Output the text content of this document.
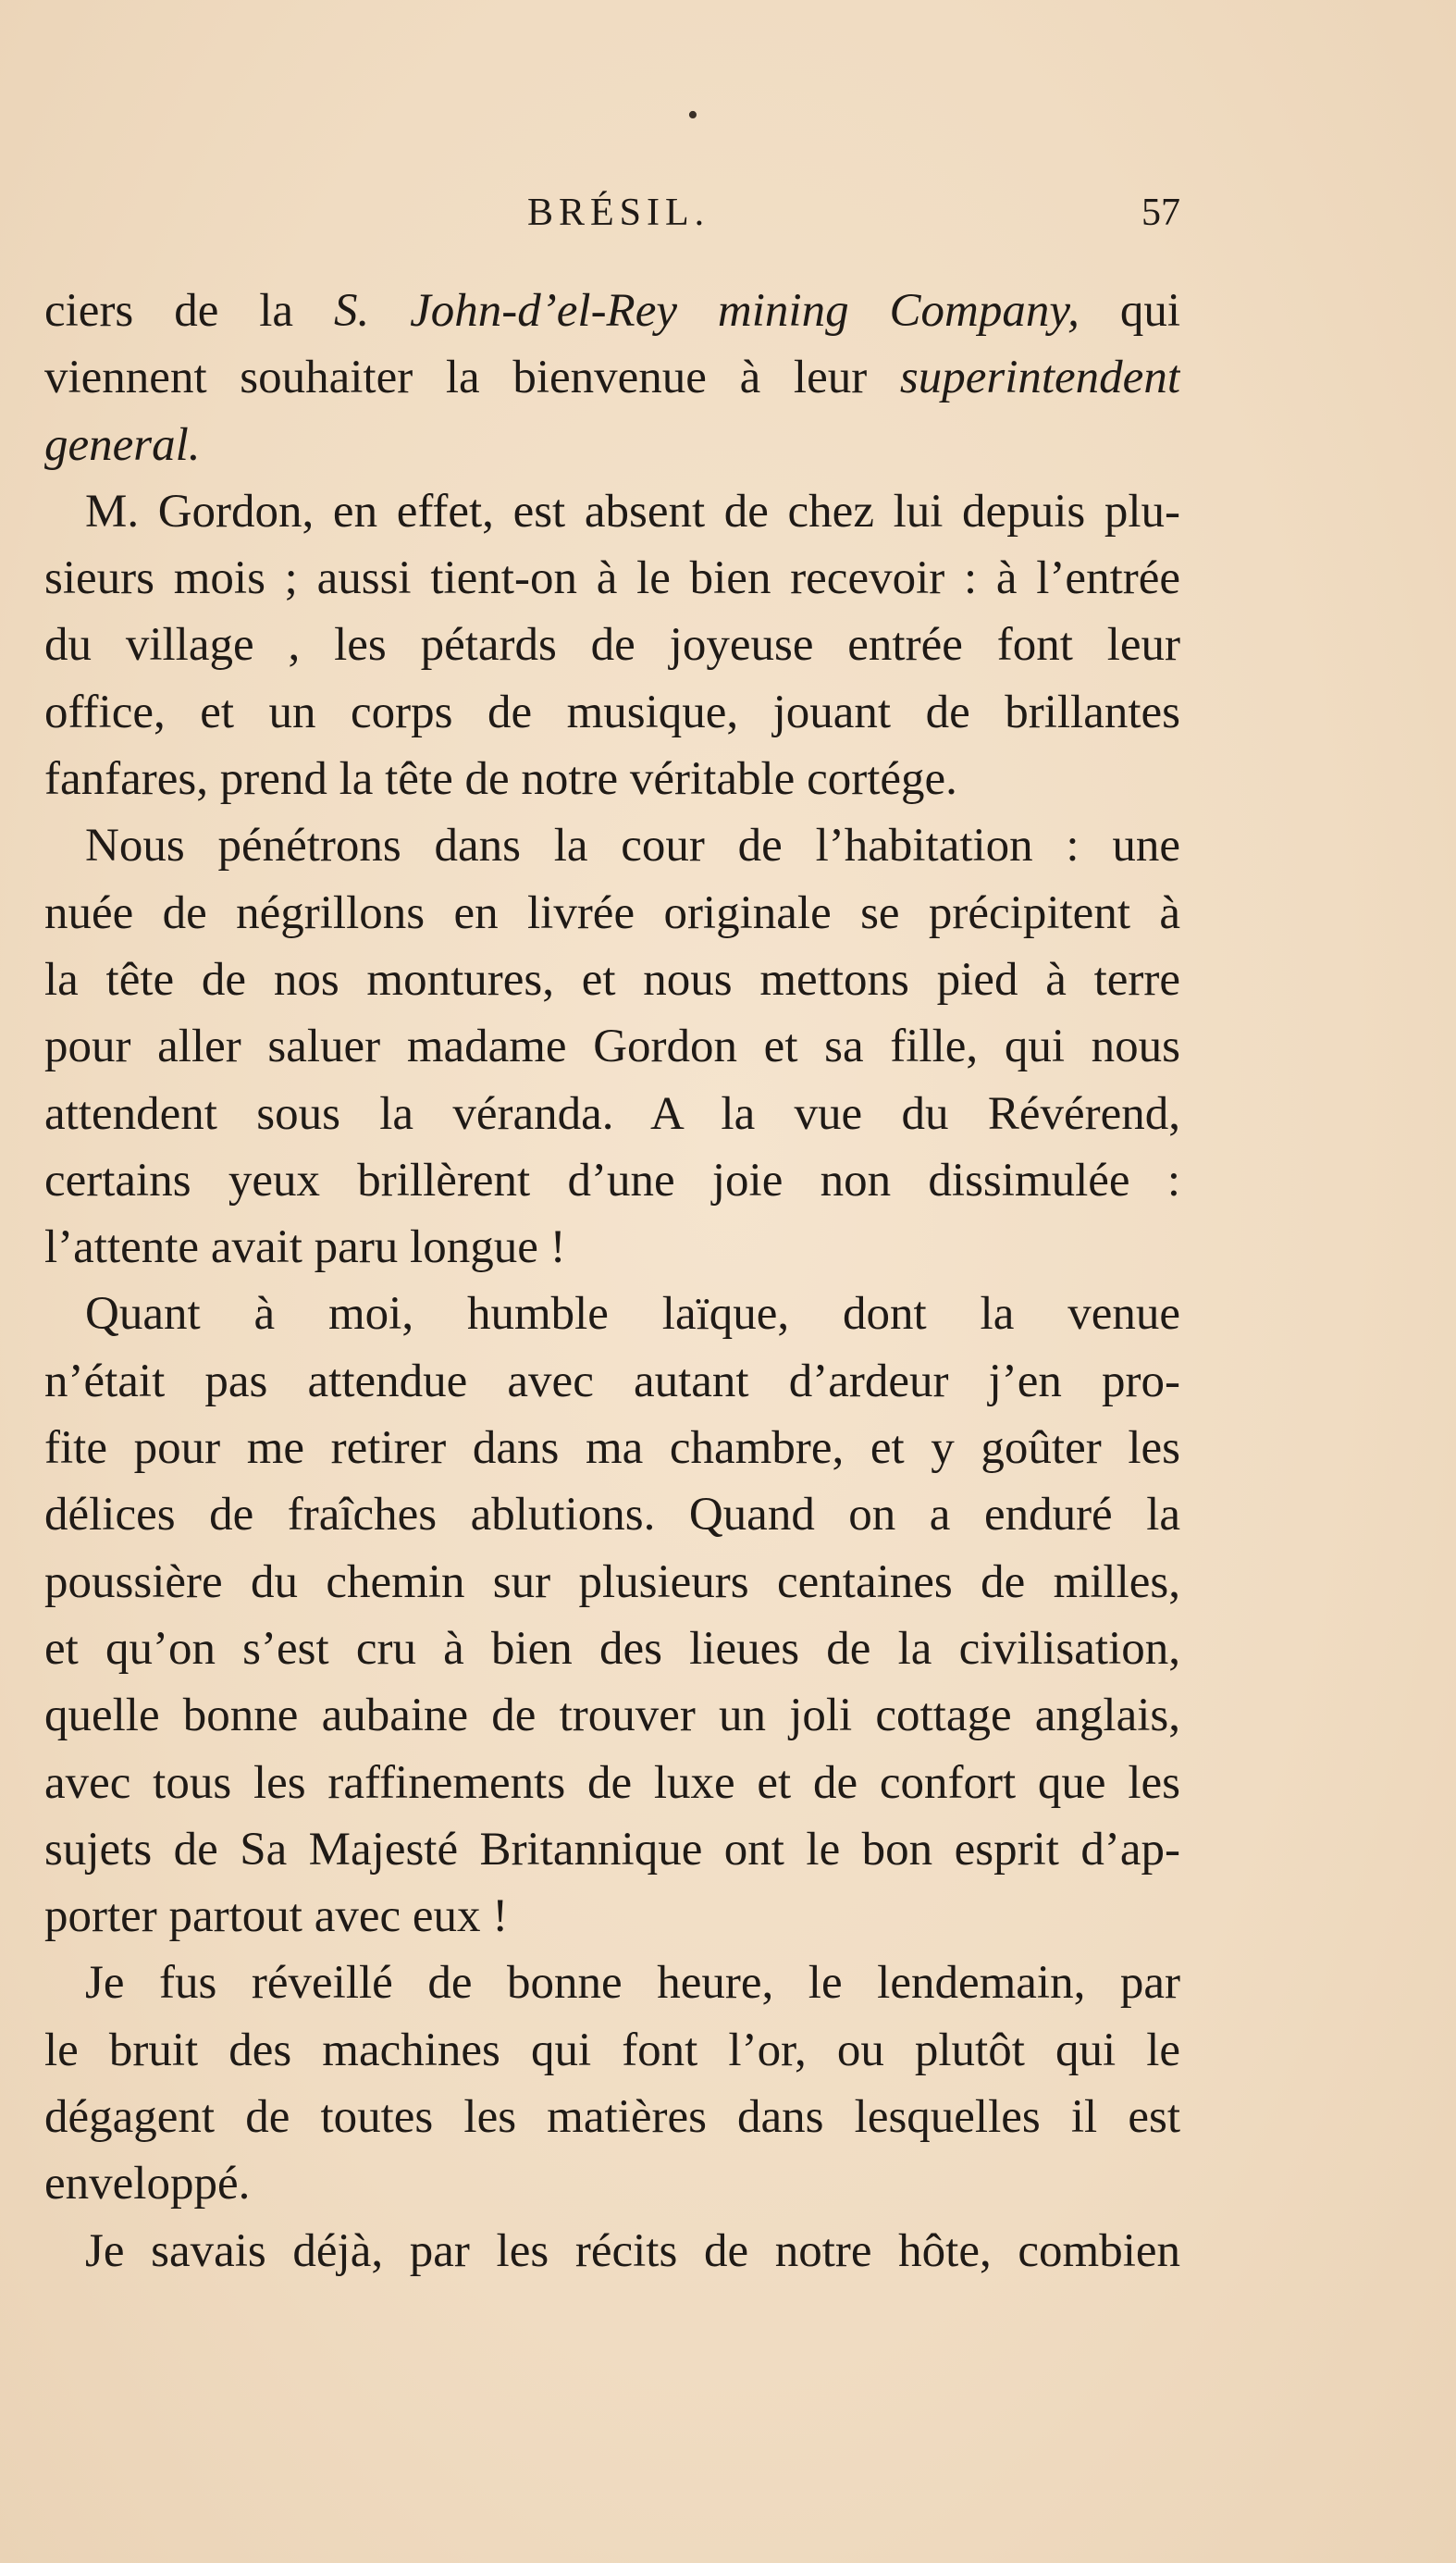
•
BRÉSIL.	57
ciers de la S. John-d’el-Rey mining Company, qui
viennent souhaiter la bienvenue à leur superintendent
general.
M. Gordon, en effet, est absent de chez lui depuis plu-
sieurs mois ; aussi tient-on à le bien recevoir : à l’entrée
du village , les pétards de joyeuse entrée font leur
office, et un corps de musique, jouant de brillantes
fanfares, prend la tête de notre véritable cortége.
Nous pénétrons dans la cour de l’habitation : une
nuée de négrillons en livrée originale se précipitent à
la tête de nos montures, et nous mettons pied à terre
pour aller saluer madame Gordon et sa fille, qui nous
attendent sous la véranda. A la vue du Révérend,
certains yeux brillèrent d’une joie non dissimulée :
l’attente avait paru longue !
Quant à moi, humble laïque, dont la venue
n’était pas attendue avec autant d’ardeur j’en pro-
fite pour me retirer dans ma chambre, et y goûter les
délices de fraîches ablutions. Quand on a enduré la
poussière du chemin sur plusieurs centaines de milles,
et qu’on s’est cru à bien des lieues de la civilisation,
quelle bonne aubaine de trouver un joli cottage anglais,
avec tous les raffinements de luxe et de confort que les
sujets de Sa Majesté Britannique ont le bon esprit d’ap-
porter partout avec eux !
Je fus réveillé de bonne heure, le lendemain, par
le bruit des machines qui font l’or, ou plutôt qui le
dégagent de toutes les matières dans lesquelles il est
enveloppé.
Je savais déjà, par les récits de notre hôte, combien
